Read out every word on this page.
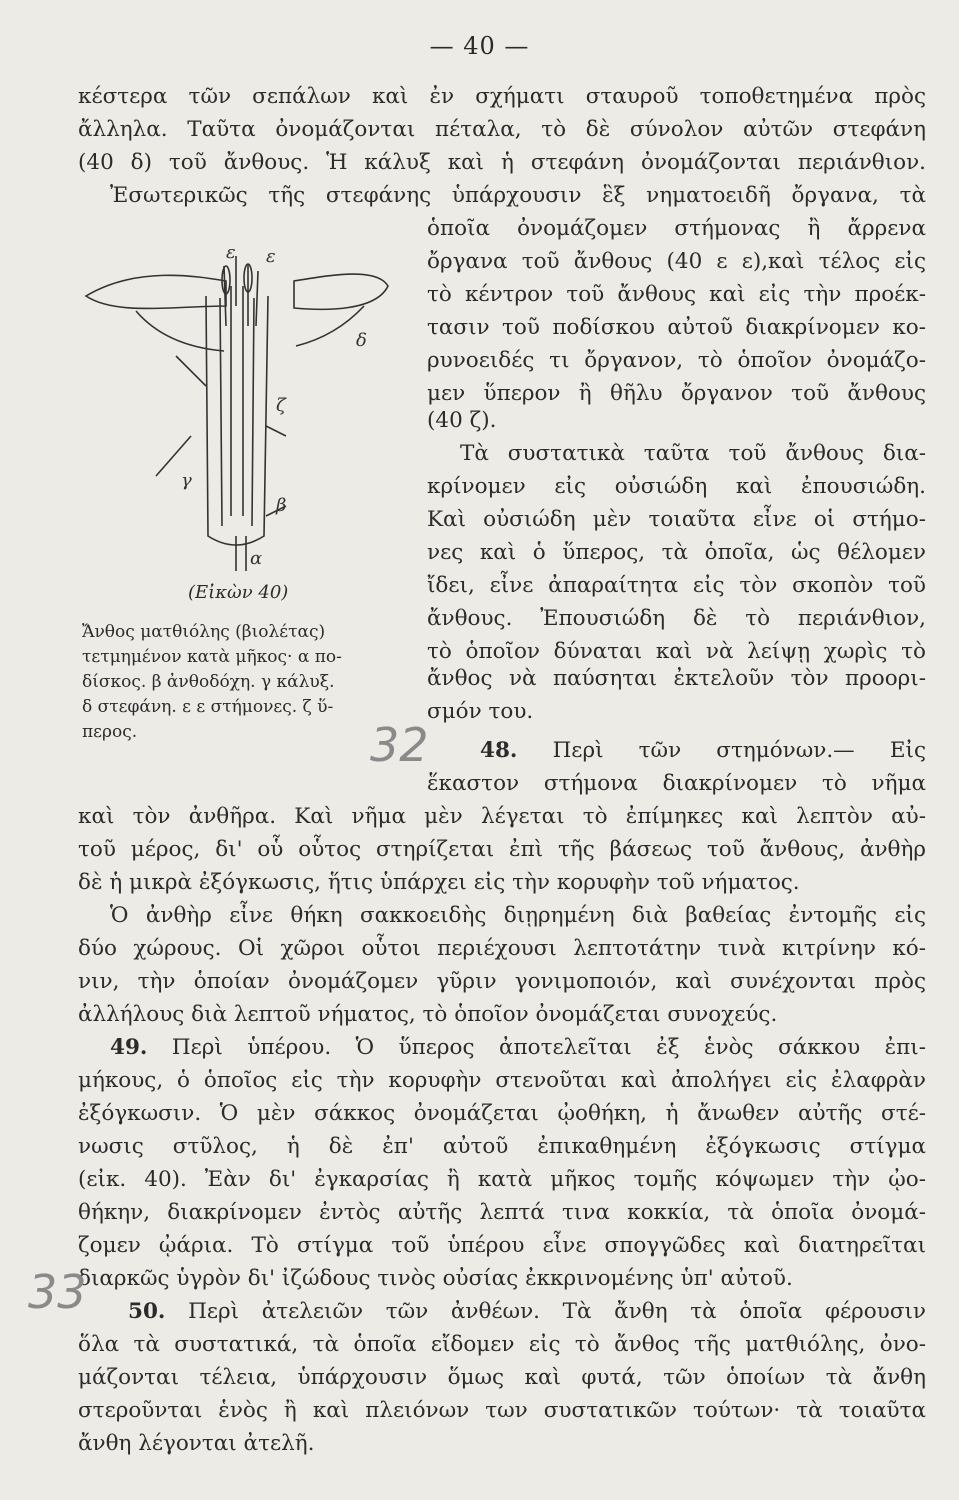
— 40 —
κέστερα τῶν σεπάλων καὶ ἐν σχήματι σταυροῦ τοποθετημένα πρὸς
ἄλληλα. Ταῦτα ὀνομάζονται πέταλα, τὸ δὲ σύνολον αὐτῶν στεφάνη
(40 δ) τοῦ ἄνθους. Ἡ κάλυξ καὶ ἡ στεφάνη ὀνομάζονται περιάνθιον.
Ἐσωτερικῶς τῆς στεφάνης ὑπάρχουσιν ἓξ νηματοειδῆ ὄργανα, τὰ
ε ε
δ
ζ
γ
β
α
(Εἰκὼν 40)
Ἄνθος ματθιόλης (βιολέτας)
τετμημένον κατὰ μῆκος· α πο-
δίσκος. β ἀνθοδόχη. γ κάλυξ.
δ στεφάνη. ε ε στήμονες. ζ ὕ-
περος.
ὁποῖα ὀνομάζομεν στήμονας ἢ ἄρρενα
ὄργανα τοῦ ἄνθους (40 ε ε),καὶ τέλος εἰς
τὸ κέντρον τοῦ ἄνθους καὶ εἰς τὴν προέκ-
τασιν τοῦ ποδίσκου αὐτοῦ διακρίνομεν κο-
ρυνοειδές τι ὄργανον, τὸ ὁποῖον ὀνομάζο-
μεν ὕπερον ἢ θῆλυ ὄργανον τοῦ ἄνθους
(40 ζ).
Τὰ συστατικὰ ταῦτα τοῦ ἄνθους δια-
κρίνομεν εἰς οὐσιώδη καὶ ἐπουσιώδη.
Καὶ οὐσιώδη μὲν τοιαῦτα εἶνε οἱ στήμο-
νες καὶ ὁ ὕπερος, τὰ ὁποῖα, ὡς θέλομεν
ἴδει, εἶνε ἀπαραίτητα εἰς τὸν σκοπὸν τοῦ
ἄνθους. Ἐπουσιώδη δὲ τὸ περιάνθιον,
τὸ ὁποῖον δύναται καὶ νὰ λείψῃ χωρὶς τὸ
ἄνθος νὰ παύσηται ἐκτελοῦν τὸν προορι-
σμόν του.
48. Περὶ τῶν στημόνων.— Εἰς
ἕκαστον στήμονα διακρίνομεν τὸ νῆμα
καὶ τὸν ἀνθῆρα. Καὶ νῆμα μὲν λέγεται τὸ ἐπίμηκες καὶ λεπτὸν αὐ-
τοῦ μέρος, δι' οὗ οὗτος στηρίζεται ἐπὶ τῆς βάσεως τοῦ ἄνθους, ἀνθὴρ
δὲ ἡ μικρὰ ἐξόγκωσις, ἥτις ὑπάρχει εἰς τὴν κορυφὴν τοῦ νήματος.
Ὁ ἀνθὴρ εἶνε θήκη σακκοειδὴς διῃρημένη διὰ βαθείας ἐντομῆς εἰς
δύο χώρους. Οἱ χῶροι οὗτοι περιέχουσι λεπτοτάτην τινὰ κιτρίνην κό-
νιν, τὴν ὁποίαν ὀνομάζομεν γῦριν γονιμοποιόν, καὶ συνέχονται πρὸς
ἀλλήλους διὰ λεπτοῦ νήματος, τὸ ὁποῖον ὀνομάζεται συνοχεύς.
49. Περὶ ὑπέρου. Ὁ ὕπερος ἀποτελεῖται ἐξ ἑνὸς σάκκου ἐπι-
μήκους, ὁ ὁποῖος εἰς τὴν κορυφὴν στενοῦται καὶ ἀπολήγει εἰς ἐλαφρὰν
ἐξόγκωσιν. Ὁ μὲν σάκκος ὀνομάζεται ᾠοθήκη, ἡ ἄνωθεν αὐτῆς στέ-
νωσις στῦλος, ἡ δὲ ἐπ' αὐτοῦ ἐπικαθημένη ἐξόγκωσις στίγμα
(εἰκ. 40). Ἐὰν δι' ἐγκαρσίας ἢ κατὰ μῆκος τομῆς κόψωμεν τὴν ᾠο-
θήκην, διακρίνομεν ἐντὸς αὐτῆς λεπτά τινα κοκκία, τὰ ὁποῖα ὀνομά-
ζομεν ᾠάρια. Τὸ στίγμα τοῦ ὑπέρου εἶνε σπογγῶδες καὶ διατηρεῖται
διαρκῶς ὑγρὸν δι' ἰζώδους τινὸς οὐσίας ἐκκρινομένης ὑπ' αὐτοῦ.
50. Περὶ ἀτελειῶν τῶν ἀνθέων. Τὰ ἄνθη τὰ ὁποῖα φέρουσιν
ὅλα τὰ συστατικά, τὰ ὁποῖα εἴδομεν εἰς τὸ ἄνθος τῆς ματθιόλης, ὀνο-
μάζονται τέλεια, ὑπάρχουσιν ὅμως καὶ φυτά, τῶν ὁποίων τὰ ἄνθη
στεροῦνται ἑνὸς ἢ καὶ πλειόνων των συστατικῶν τούτων· τὰ τοιαῦτα
ἄνθη λέγονται ἀτελῆ.
32
33
